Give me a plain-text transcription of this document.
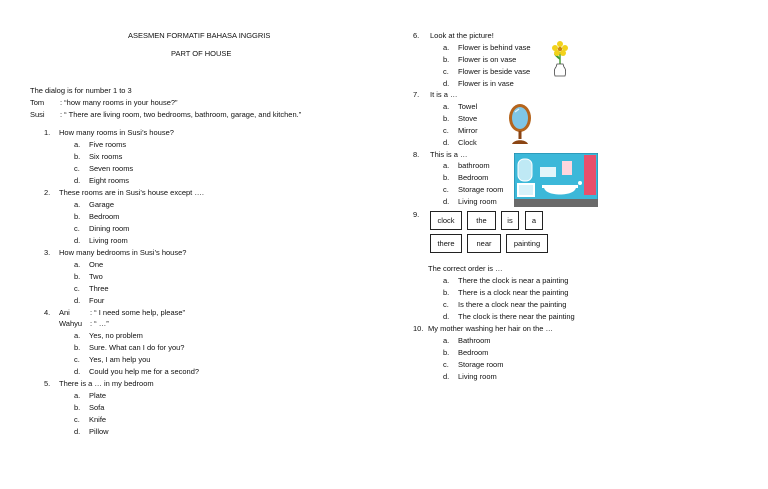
ASESMEN FORMATIF BAHASA INGGRIS
PART OF HOUSE
The dialog is for number 1 to 3
Tom : “how many rooms in your house?”
Susi : “ There are living room, two bedrooms, bathroom, garage, and kitchen.”
1. How many rooms in Susi’s house?
a. Five rooms
b. Six rooms
c. Seven rooms
d. Eight rooms
2. These rooms are in Susi’s house except ….
a. Garage
b. Bedroom
c. Dining room
d. Living room
3. How many bedrooms in Susi’s house?
a. One
b. Two
c. Three
d. Four
4. Ani	: “ I need some help, please”
Wahyu : “ …”
a. Yes, no problem
b. Sure. What can I do for you?
c. Yes, I am help you
d. Could you help me for a second?
5. There is a … in my bedroom
a. Plate
b. Sofa
c. Knife
d. Pillow
6. Look at the picture!
a. Flower is behind vase
b. Flower is on vase
c. Flower is beside vase
d. Flower is in vase
7. It is a …
a. Towel
b. Stove
c. Mirror
d. Clock
8. This is a …
a. bathroom
b. Bedroom
c. Storage room
d. Living room
9.
clock	the	is	a
there	near	painting
The correct order is …
a. There the clock is near a painting
b. There is a clock near the painting
c. Is there a clock near the painting
d. The clock is there near the painting
10. My mother washing her hair on the …
a. Bathroom
b. Bedroom
c. Storage room
d. Living room
